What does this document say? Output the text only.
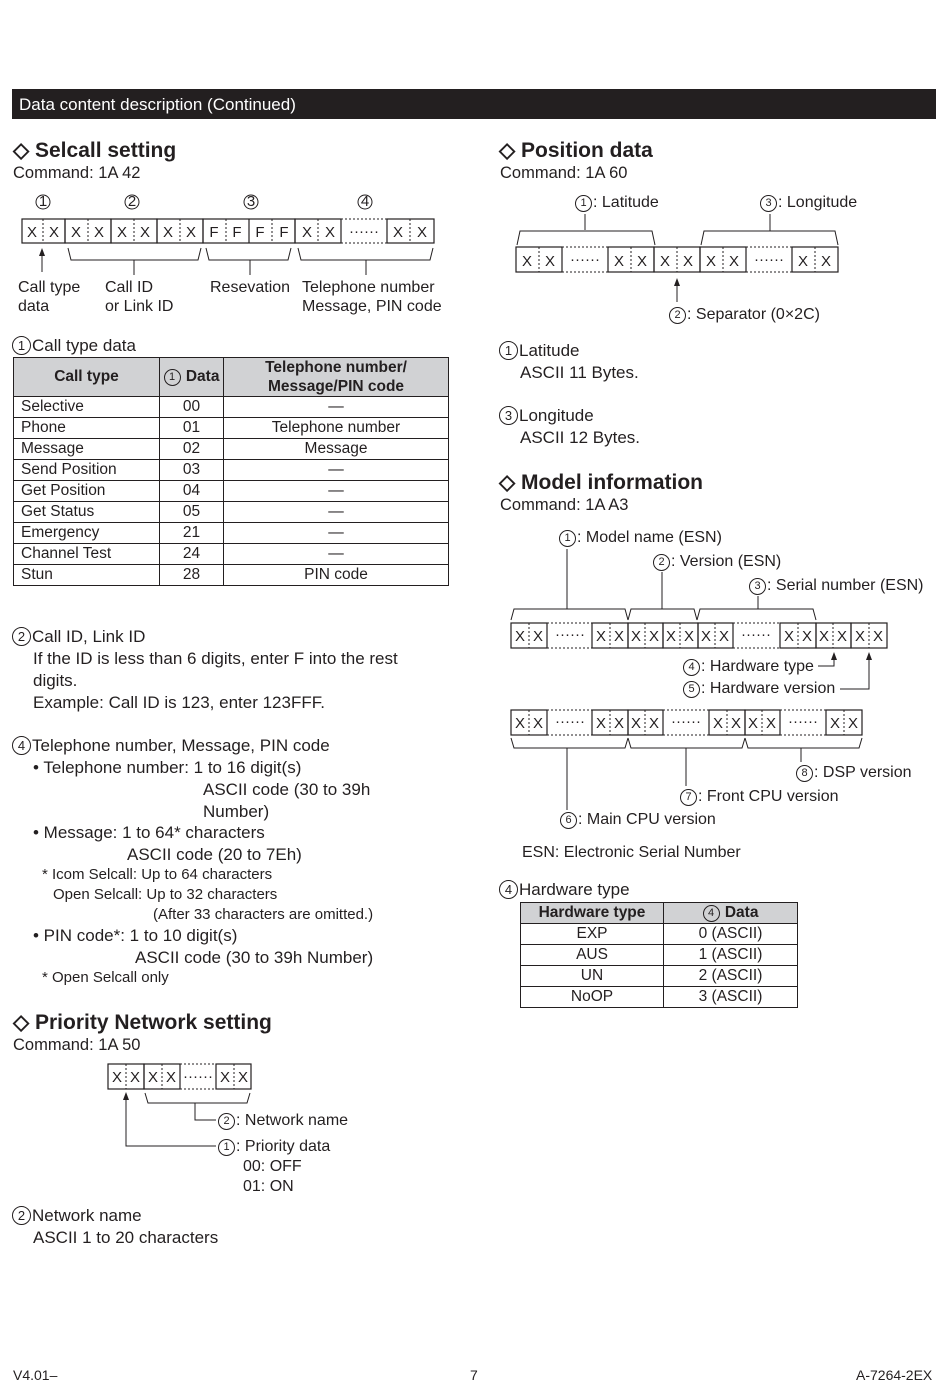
Data content description (Continued)
◇ Selcall setting
Command: 1A 42
1	2	3	4
X X X X X X X X F F F F X X ······ X X
Call type
data
Call ID
or Link ID
Resevation Telephone number
Message, PIN code
1 Call type data
Call type	1 Data	Telephone number/
Message/PIN code

Selective	00	—
Phone	01	Telephone number
Message	02	Message
Send Position	03	—
Get Position	04	—
Get Status	05	—
Emergency	21	—
Channel Test	24	—
Stun	28	PIN code
2 Call ID, Link ID
If the ID is less than 6 digits, enter F into the rest
digits.
Example: Call ID is 123, enter 123FFF.
4 Telephone number, Message, PIN code
• Telephone number: 1 to 16 digit(s)
ASCII code (30 to 39h
Number)
• Message: 1 to 64* characters
ASCII code (20 to 7Eh)
* Icom Selcall: Up to 64 characters
Open Selcall: Up to 32 characters
(After 33 characters are omitted.)
• PIN code*: 1 to 10 digit(s)
ASCII code (30 to 39h Number)
* Open Selcall only
◇ Priority Network setting
Command: 1A 50
X X X X ······ X X
2 : Network name
1 : Priority data
00: OFF
01: ON
2 Network name
ASCII 1 to 20 characters
◇ Position data
Command: 1A 60
1 : Latitude	3 : Longitude
X X ······ X X X X X X ······ X X
2 : Separator (0×2C)
1 Latitude
ASCII 11 Bytes.
3 Longitude
ASCII 12 Bytes.
◇ Model information
Command: 1A A3
1 : Model name (ESN)
2 : Version (ESN)
3 : Serial number (ESN)
X X ······ X X X X X X X X ······ X X X X X X
X X ······ X X X X ······ X X X X ······ X X
4 : Hardware type
5 : Hardware version
8 : DSP version
7 : Front CPU version
6 : Main CPU version
ESN: Electronic Serial Number
4 Hardware type
Hardware type	4 Data
EXP	0 (ASCII)
AUS	1 (ASCII)
UN	2 (ASCII)
NoOP	3 (ASCII)
V4.01–	7	A-7264-2EX
